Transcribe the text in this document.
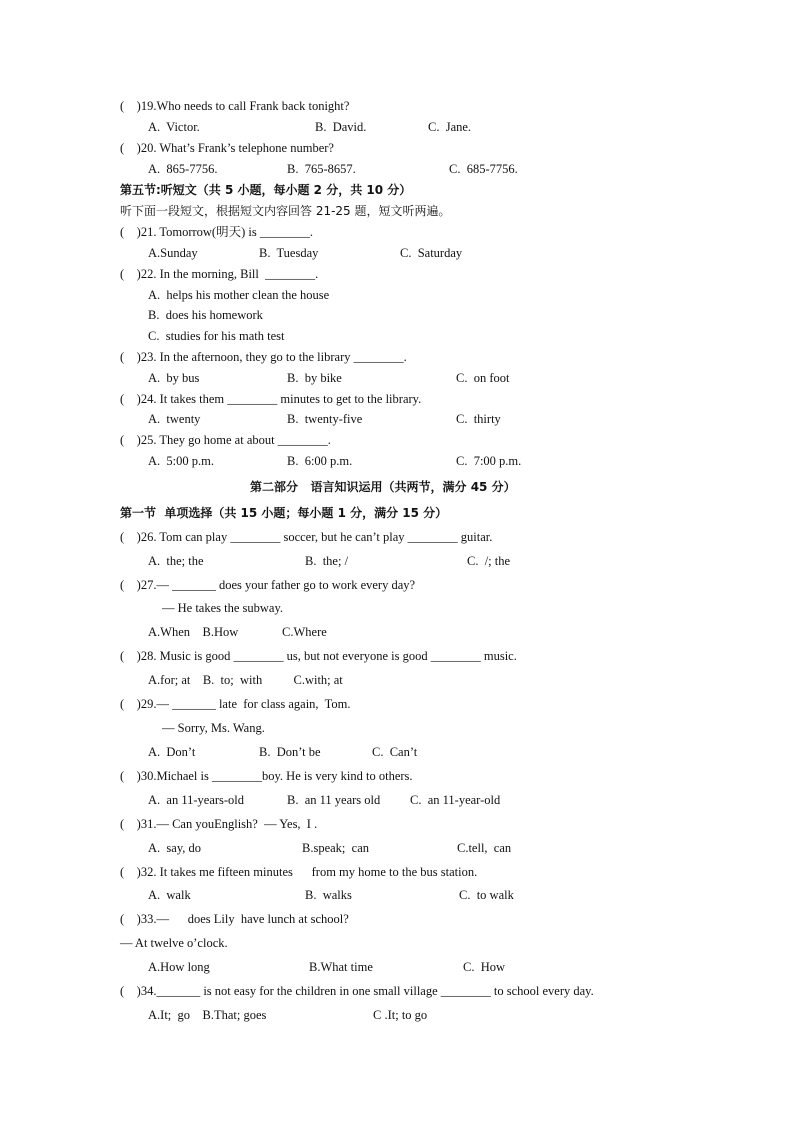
(    )19.Who needs to call Frank back tonight?
A.  Victor.	B.  David.	C.  Jane.
(    )20. What’s Frank’s telephone number?
A.  865-7756.	B.  765-8657.	C.  685-7756.
第五节:听短文（共 5 小题，每小题 2 分，共 10 分）
听下面一段短文，根据短文内容回答 21-25 题，短文听两遍。
(    )21. Tomorrow(明天) is ________.
A.Sunday	B.  Tuesday	C.  Saturday
(    )22. In the morning, Bill  ________.
A.  helps his mother clean the house
B.  does his homework
C.  studies for his math test
(    )23. In the afternoon, they go to the library ________.
A.  by bus	B.  by bike	C.  on foot
(    )24. It takes them ________ minutes to get to the library.
A.  twenty	B.  twenty-five	C.  thirty
(    )25. They go home at about ________.
A.  5:00 p.m.	B.  6:00 p.m.	C.  7:00 p.m.
第二部分   语言知识运用（共两节，满分 45 分）
第一节  单项选择（共 15 小题；每小题 1 分，满分 15 分）
(    )26. Tom can play ________ soccer, but he can’t play ________ guitar.
A.  the; the	B.  the; /	C.  /; the
(    )27.— _______ does your father go to work every day?
— He takes the subway.
A.When    B.How              C.Where
(    )28. Music is good ________ us, but not everyone is good ________ music.
A.for; at    B.  to;  with          C.with; at
(    )29.— _______ late  for class again,  Tom.
— Sorry, Ms. Wang.
A.  Don’t	B.  Don’t be	C.  Can’t
(    )30.Michael is ________boy. He is very kind to others.
A.  an 11-years-old	B.  an 11 years old C.  an 11-year-old
(    )31.— Can youEnglish?  — Yes,  I .
A.  say, do	B.speak;  can	C.tell,  can
(    )32. It takes me fifteen minutes      from my home to the bus station.
A.  walk	B.  walks	C.  to walk
(    )33.—      does Lily  have lunch at school?
— At twelve o’clock.
A.How long	B.What time	C.  How
(    )34._______ is not easy for the children in one small village ________ to school every day.
A.It;  go    B.That; goes	C .It; to go
